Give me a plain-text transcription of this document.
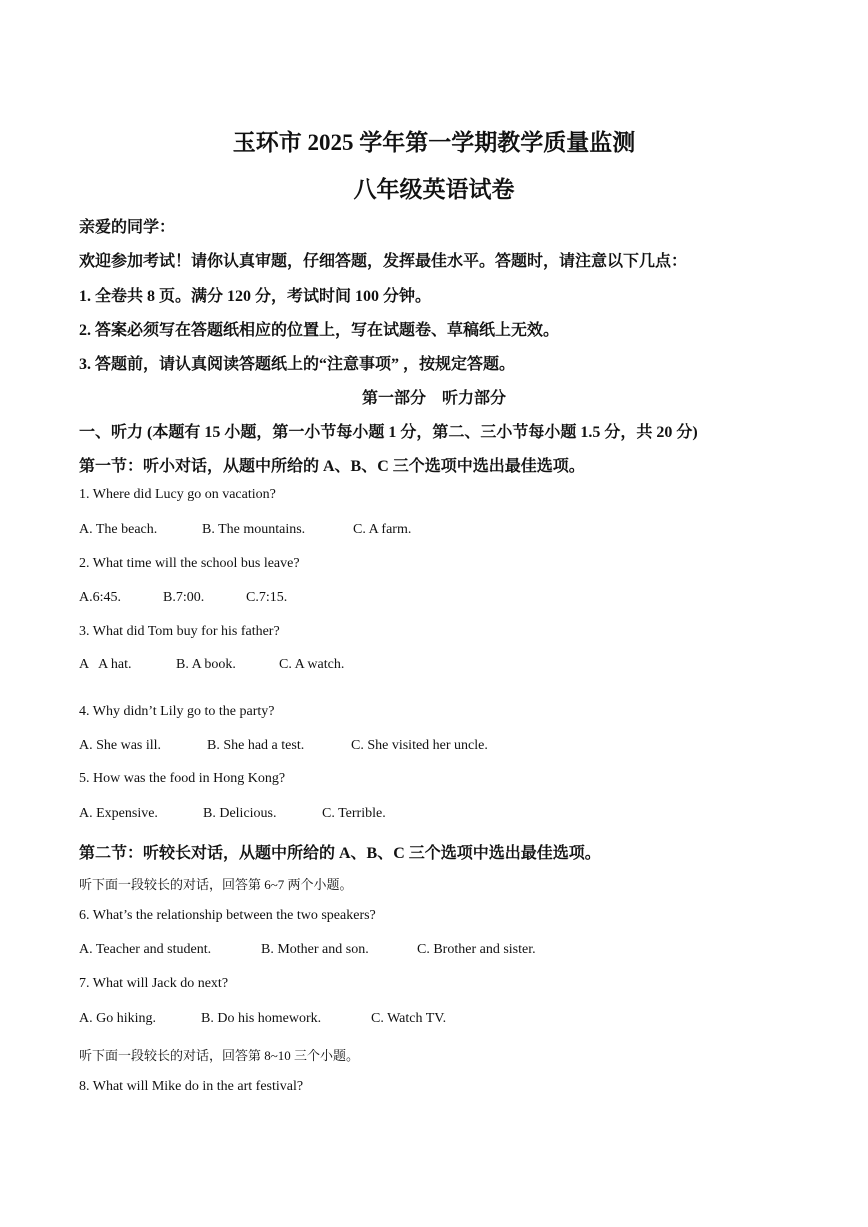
玉环市 2025 学年第一学期教学质量监测
八年级英语试卷
亲爱的同学：
欢迎参加考试！请你认真审题，仔细答题，发挥最佳水平。答题时，请注意以下几点：
1. 全卷共 8 页。满分 120 分，考试时间 100 分钟。
2. 答案必须写在答题纸相应的位置上，写在试题卷、草稿纸上无效。
3. 答题前，请认真阅读答题纸上的“注意事项” ，按规定答题。
第一部分　听力部分
一、听力 (本题有 15 小题，第一小节每小题 1 分，第二、三小节每小题 1.5 分，共 20 分)
第一节：听小对话，从题中所给的 A、B、C 三个选项中选出最佳选项。
1. Where did Lucy go on vacation?
A. The beach.	B. The mountains.	C. A farm.
2. What time will the school bus leave?
A.6:45.	B.7:00.	C.7:15.
3. What did Tom buy for his father?
A   A hat.	B. A book.	C. A watch.
4. Why didn’t Lily go to the party?
A. She was ill.	B. She had a test.	C. She visited her uncle.
5. How was the food in Hong Kong?
A. Expensive.	B. Delicious.	C. Terrible.
第二节：听较长对话，从题中所给的 A、B、C 三个选项中选出最佳选项。
听下面一段较长的对话，回答第 6~7 两个小题。
6. What’s the relationship between the two speakers?
A. Teacher and student.	B. Mother and son.	C. Brother and sister.
7. What will Jack do next?
A. Go hiking.	B. Do his homework.	C. Watch TV.
听下面一段较长的对话，回答第 8~10 三个小题。
8. What will Mike do in the art festival?
